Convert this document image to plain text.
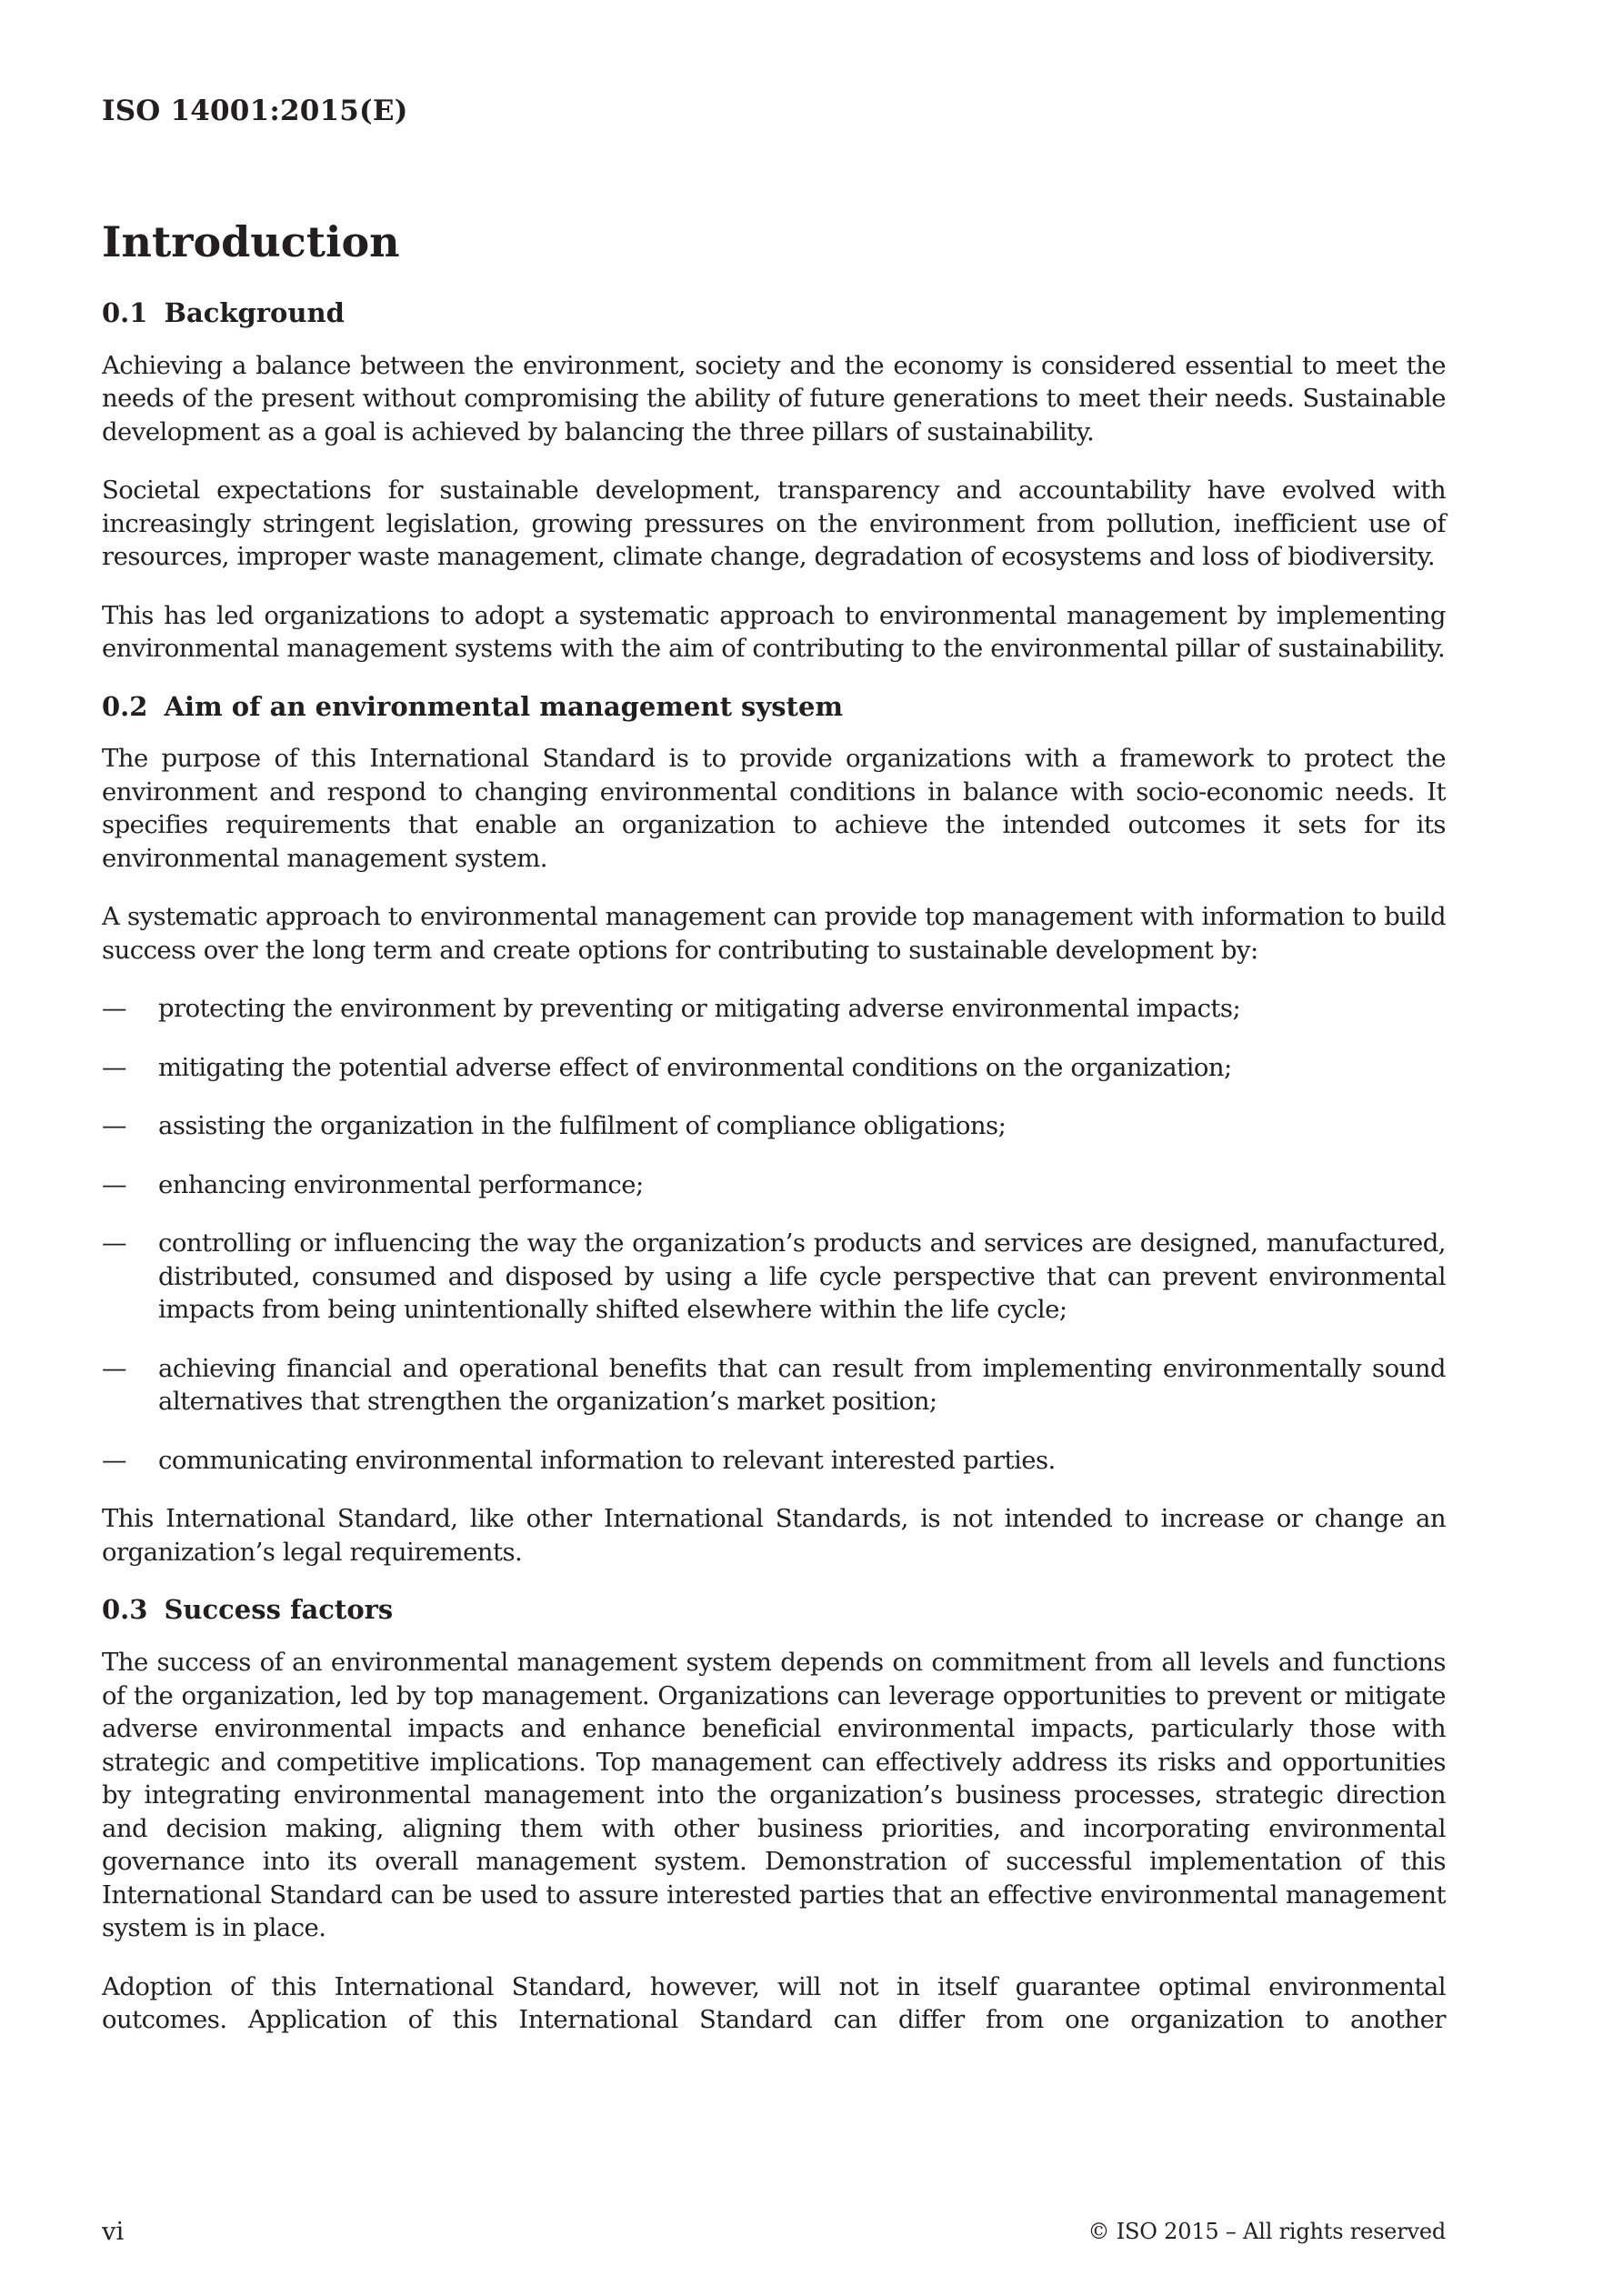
ISO 14001:2015(E)
Introduction
0.1 Background

Achieving a balance between the environment, society and the economy is considered essential to meet the needs of the present without compromising the ability of future generations to meet their needs. Sustainable development as a goal is achieved by balancing the three pillars of sustainability.

Societal expectations for sustainable development, transparency and accountability have evolved with increasingly stringent legislation, growing pressures on the environment from pollution, inefficient use of resources, improper waste management, climate change, degradation of ecosystems and loss of biodiversity.

This has led organizations to adopt a systematic approach to environmental management by implementing environmental management systems with the aim of contributing to the environmental pillar of sustainability.

0.2 Aim of an environmental management system

The purpose of this International Standard is to provide organizations with a framework to protect the environment and respond to changing environmental conditions in balance with socio-economic needs. It specifies requirements that enable an organization to achieve the intended outcomes it sets for its environmental management system.

A systematic approach to environmental management can provide top management with information to build success over the long term and create options for contributing to sustainable development by:

— protecting the environment by preventing or mitigating adverse environmental impacts;
— mitigating the potential adverse effect of environmental conditions on the organization;
— assisting the organization in the fulfilment of compliance obligations;
— enhancing environmental performance;
— controlling or influencing the way the organization’s products and services are designed, manufactured, distributed, consumed and disposed by using a life cycle perspective that can prevent environmental impacts from being unintentionally shifted elsewhere within the life cycle;
— achieving financial and operational benefits that can result from implementing environmentally sound alternatives that strengthen the organization’s market position;
— communicating environmental information to relevant interested parties.

This International Standard, like other International Standards, is not intended to increase or change an organization’s legal requirements.

0.3 Success factors

The success of an environmental management system depends on commitment from all levels and functions of the organization, led by top management. Organizations can leverage opportunities to prevent or mitigate adverse environmental impacts and enhance beneficial environmental impacts, particularly those with strategic and competitive implications. Top management can effectively address its risks and opportunities by integrating environmental management into the organization’s business processes, strategic direction and decision making, aligning them with other business priorities, and incorporating environmental governance into its overall management system. Demonstration of successful implementation of this International Standard can be used to assure interested parties that an effective environmental management system is in place.

Adoption of this International Standard, however, will not in itself guarantee optimal environmental outcomes. Application of this International Standard can differ from one organization to another

vi	© ISO 2015 – All rights reserved
